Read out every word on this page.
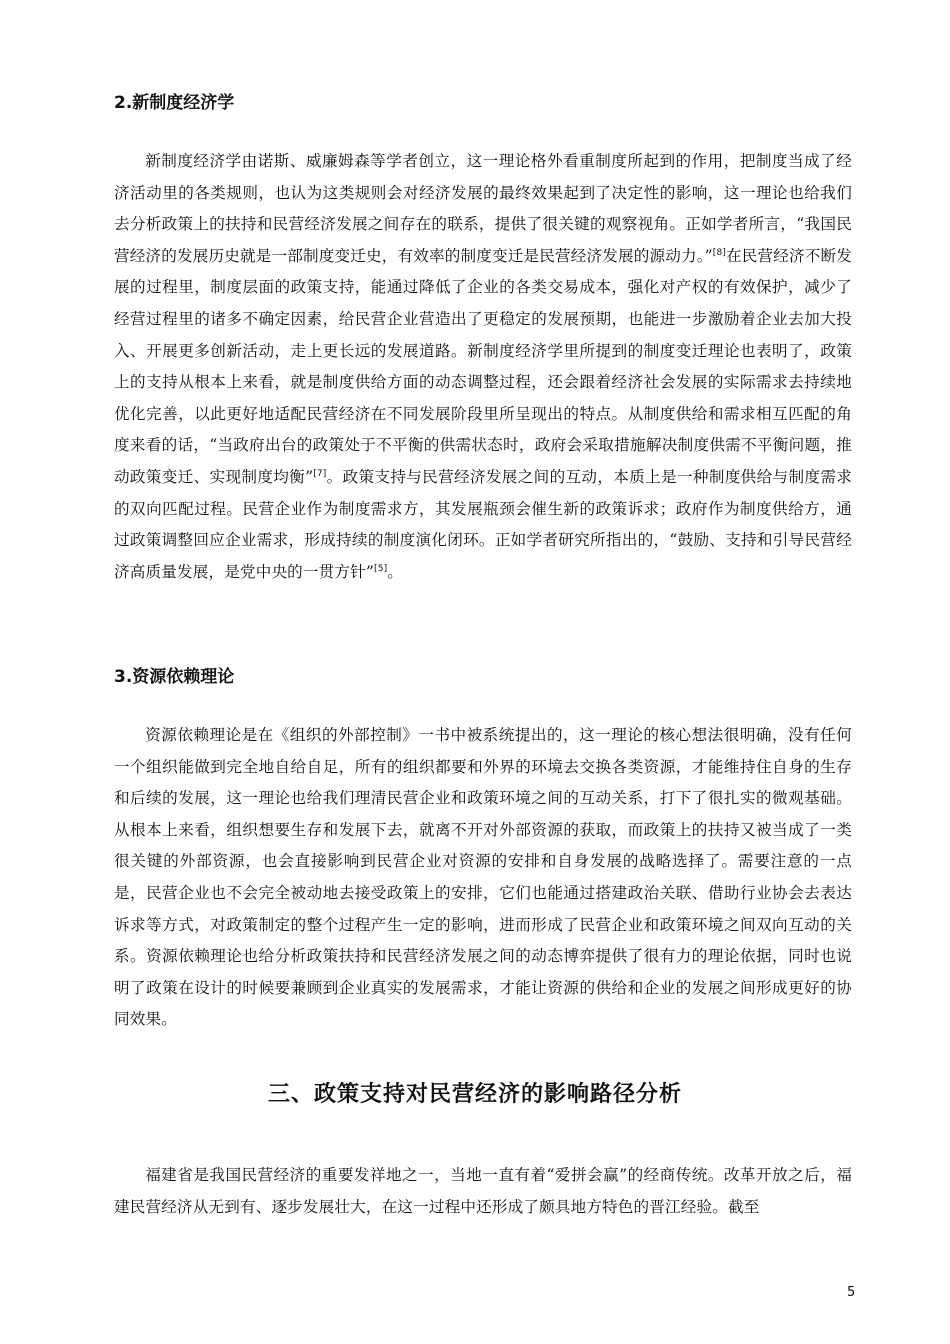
2.新制度经济学

新制度经济学由诺斯、威廉姆森等学者创立，这一理论格外看重制度所起到的作用，把制度当成了经济活动里的各类规则，也认为这类规则会对经济发展的最终效果起到了决定性的影响，这一理论也给我们去分析政策上的扶持和民营经济发展之间存在的联系，提供了很关键的观察视角。正如学者所言，“我国民营经济的发展历史就是一部制度变迁史，有效率的制度变迁是民营经济发展的源动力。”[8]在民营经济不断发展的过程里，制度层面的政策支持，能通过降低了企业的各类交易成本，强化对产权的有效保护，减少了经营过程里的诸多不确定因素，给民营企业营造出了更稳定的发展预期，也能进一步激励着企业去加大投入、开展更多创新活动，走上更长远的发展道路。新制度经济学里所提到的制度变迁理论也表明了，政策上的支持从根本上来看，就是制度供给方面的动态调整过程，还会跟着经济社会发展的实际需求去持续地优化完善，以此更好地适配民营经济在不同发展阶段里所呈现出的特点。从制度供给和需求相互匹配的角度来看的话，“当政府出台的政策处于不平衡的供需状态时，政府会采取措施解决制度供需不平衡问题，推动政策变迁、实现制度均衡”[7]。政策支持与民营经济发展之间的互动，本质上是一种制度供给与制度需求的双向匹配过程。民营企业作为制度需求方，其发展瓶颈会催生新的政策诉求；政府作为制度供给方，通过政策调整回应企业需求，形成持续的制度演化闭环。正如学者研究所指出的，“鼓励、支持和引导民营经济高质量发展，是党中央的一贯方针”[5]。

3.资源依赖理论

资源依赖理论是在《组织的外部控制》一书中被系统提出的，这一理论的核心想法很明确，没有任何一个组织能做到完全地自给自足，所有的组织都要和外界的环境去交换各类资源，才能维持住自身的生存和后续的发展，这一理论也给我们理清民营企业和政策环境之间的互动关系，打下了很扎实的微观基础。从根本上来看，组织想要生存和发展下去，就离不开对外部资源的获取，而政策上的扶持又被当成了一类很关键的外部资源，也会直接影响到民营企业对资源的安排和自身发展的战略选择了。需要注意的一点是，民营企业也不会完全被动地去接受政策上的安排，它们也能通过搭建政治关联、借助行业协会去表达诉求等方式，对政策制定的整个过程产生一定的影响，进而形成了民营企业和政策环境之间双向互动的关系。资源依赖理论也给分析政策扶持和民营经济发展之间的动态博弈提供了很有力的理论依据，同时也说明了政策在设计的时候要兼顾到企业真实的发展需求，才能让资源的供给和企业的发展之间形成更好的协同效果。

三、政策支持对民营经济的影响路径分析

福建省是我国民营经济的重要发祥地之一，当地一直有着“爱拼会赢”的经商传统。改革开放之后，福建民营经济从无到有、逐步发展壮大，在这一过程中还形成了颇具地方特色的晋江经验。截至

5
